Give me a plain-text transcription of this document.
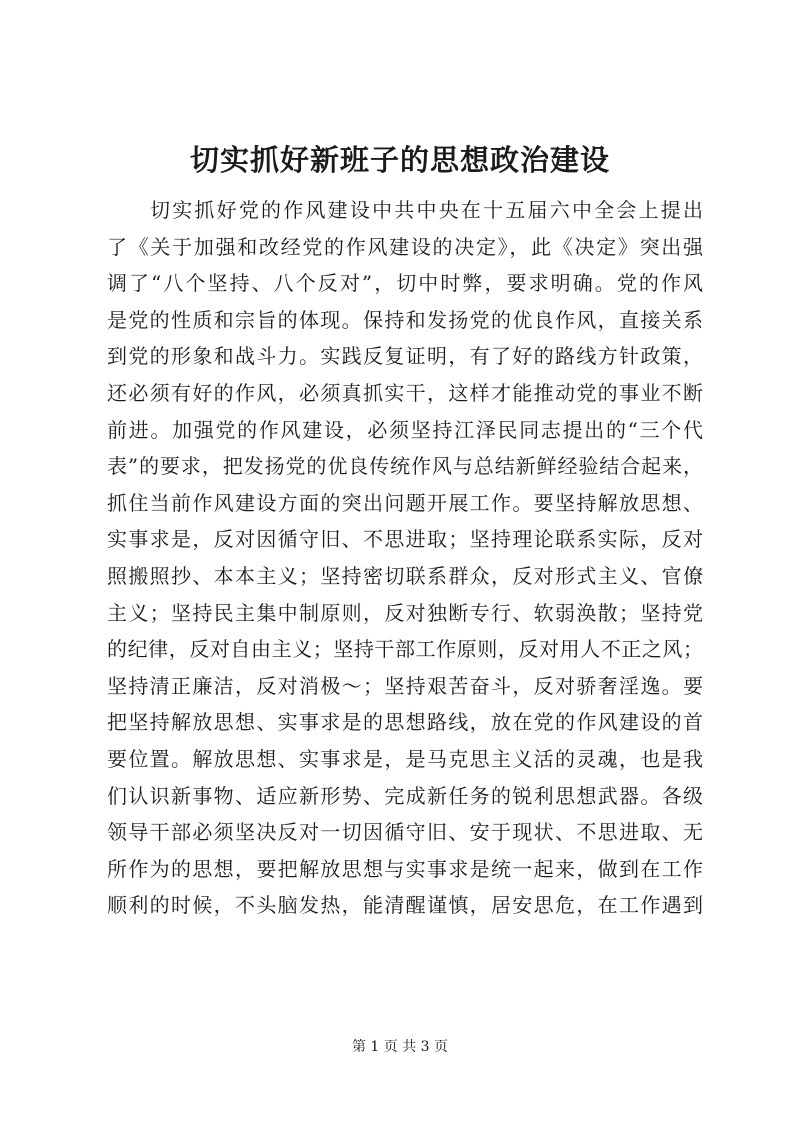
切实抓好新班子的思想政治建设
切实抓好党的作风建设中共中央在十五届六中全会上提出
了《关于加强和改经党的作风建设的决定》，此《决定》突出强
调了“八个坚持、八个反对”，切中时弊，要求明确。党的作风
是党的性质和宗旨的体现。保持和发扬党的优良作风，直接关系
到党的形象和战斗力。实践反复证明，有了好的路线方针政策，
还必须有好的作风，必须真抓实干，这样才能推动党的事业不断
前进。加强党的作风建设，必须坚持江泽民同志提出的“三个代
表”的要求，把发扬党的优良传统作风与总结新鲜经验结合起来，
抓住当前作风建设方面的突出问题开展工作。要坚持解放思想、
实事求是，反对因循守旧、不思进取；坚持理论联系实际，反对
照搬照抄、本本主义；坚持密切联系群众，反对形式主义、官僚
主义；坚持民主集中制原则，反对独断专行、软弱涣散；坚持党
的纪律，反对自由主义；坚持干部工作原则，反对用人不正之风；
坚持清正廉洁，反对消极～；坚持艰苦奋斗，反对骄奢淫逸。要
把坚持解放思想、实事求是的思想路线，放在党的作风建设的首
要位置。解放思想、实事求是，是马克思主义活的灵魂，也是我
们认识新事物、适应新形势、完成新任务的锐利思想武器。各级
领导干部必须坚决反对一切因循守旧、安于现状、不思进取、无
所作为的思想，要把解放思想与实事求是统一起来，做到在工作
顺利的时候，不头脑发热，能清醒谨慎，居安思危，在工作遇到
第 1 页 共 3 页
